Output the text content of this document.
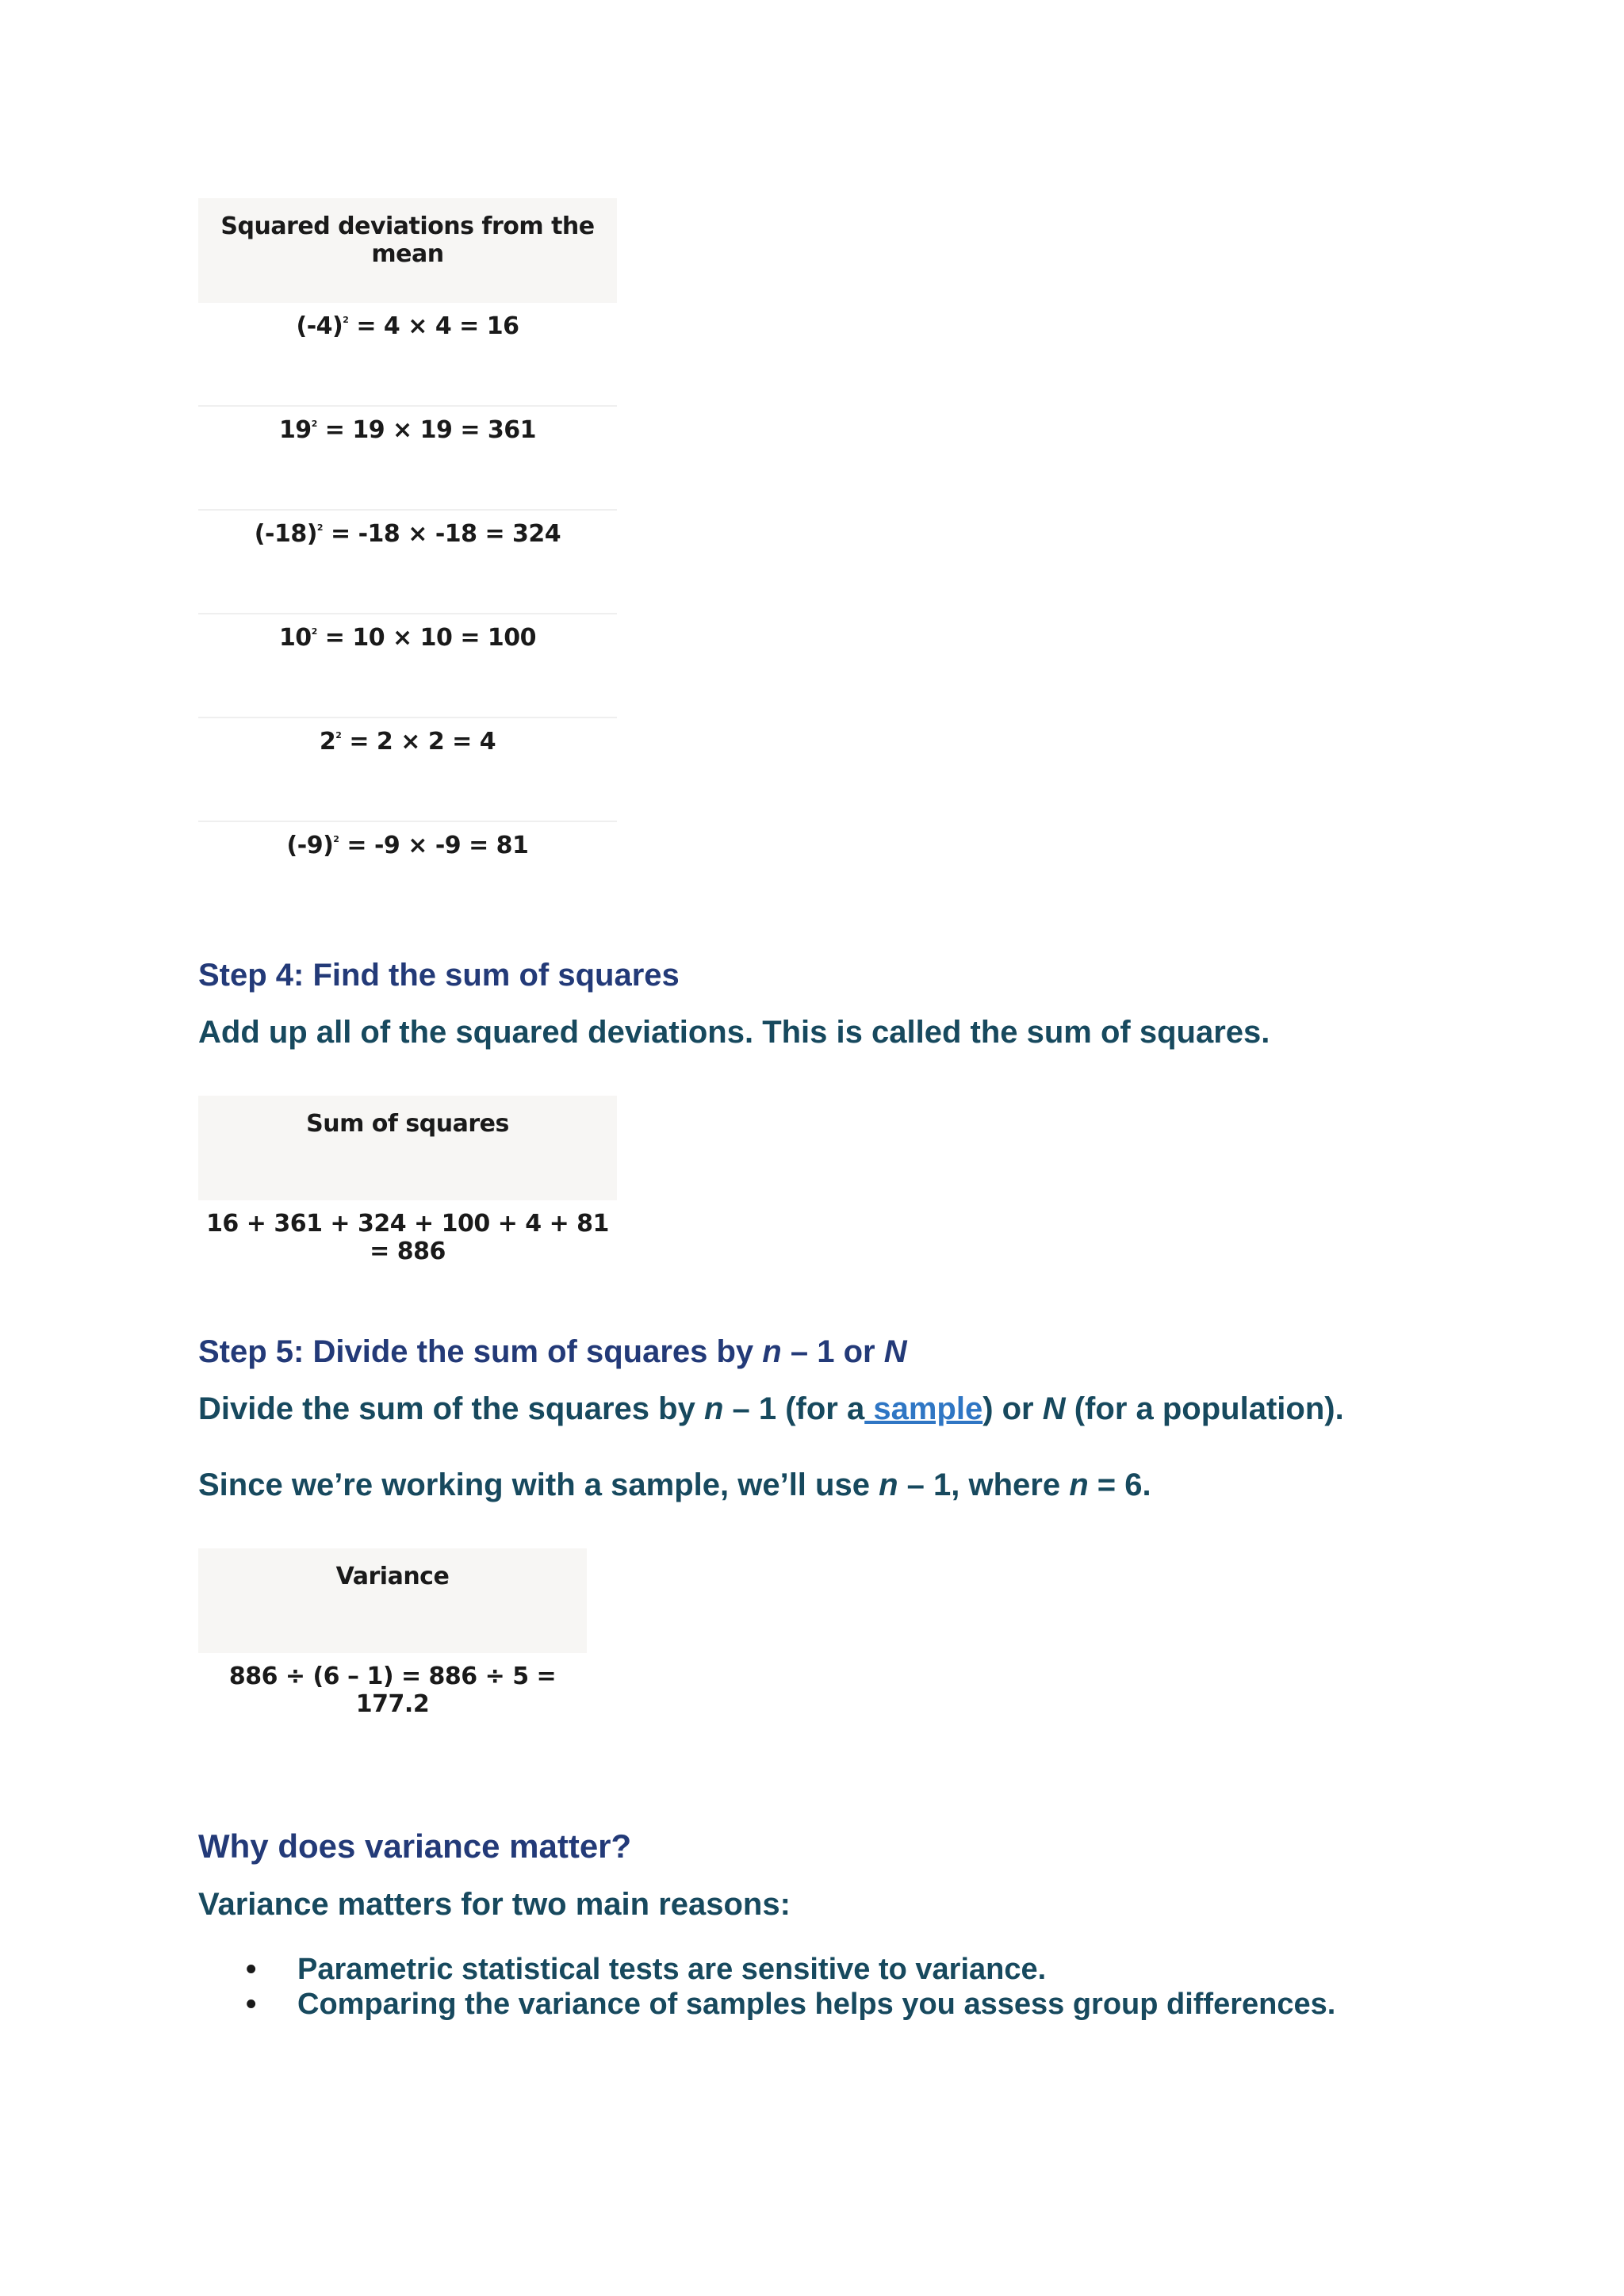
Squared deviations from the mean
$(-4)^2 = 4 \times 4 = 16$
$19^2 = 19 \times 19 = 361$
$(-18)^2 = -18 \times -18 = 324$
$10^2 = 10 \times 10 = 100$
$2^2 = 2 \times 2 = 4$
$(-9)^2 = -9 \times -9 = 81$
Step 4: Find the sum of squares
Add up all of the squared deviations. This is called the sum of squares.
Sum of squares
16 + 361 + 324 + 100 + 4 + 81 = 886
Step 5: Divide the sum of squares by n – 1 or N
Divide the sum of the squares by n – 1 (for a sample) or N (for a population).
Since we’re working with a sample, we’ll use n – 1, where n = 6.
Variance
886 ÷ (6 – 1) = 886 ÷ 5 = 177.2
Why does variance matter?
Variance matters for two main reasons:
• Parametric statistical tests are sensitive to variance.
• Comparing the variance of samples helps you assess group differences.
